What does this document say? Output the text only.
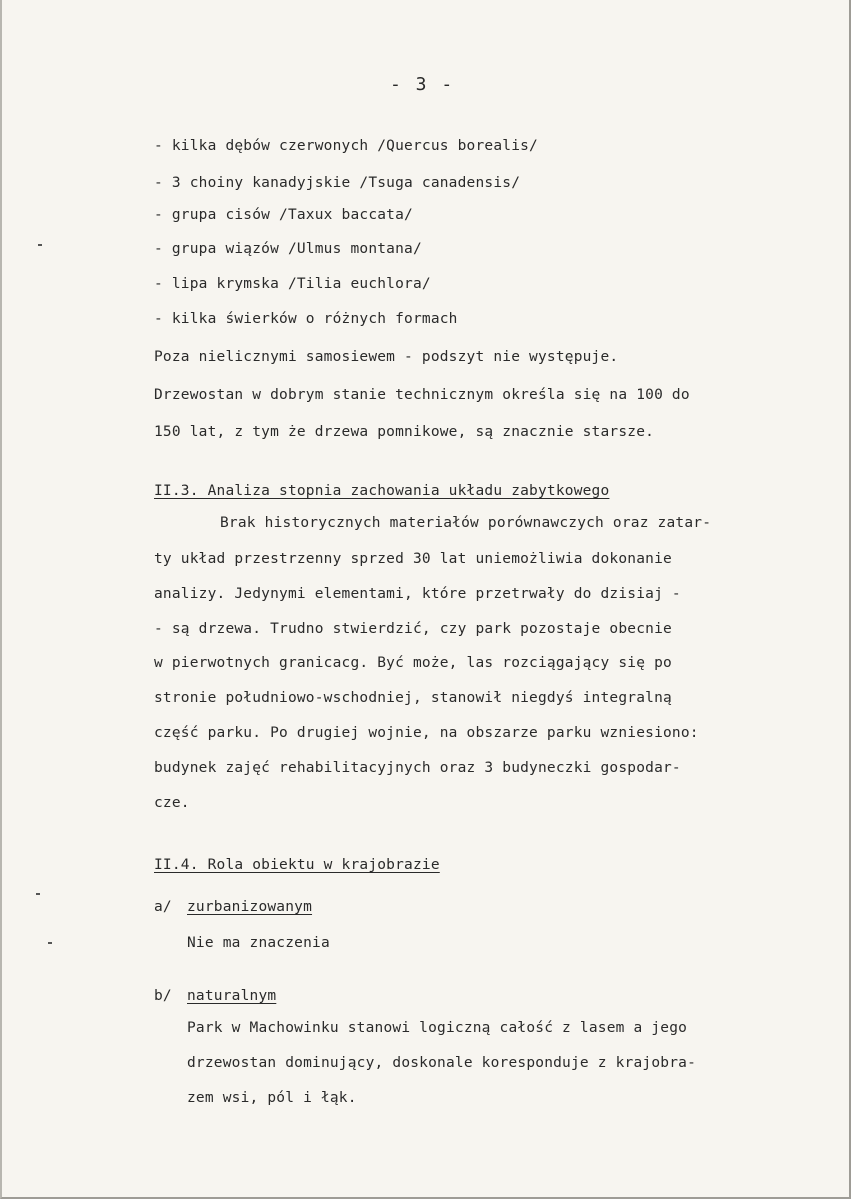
- 3 -
- kilka dębów czerwonych /Quercus borealis/
- 3 choiny kanadyjskie /Tsuga canadensis/
- grupa cisów /Taxux baccata/
- grupa wiązów /Ulmus montana/
- lipa krymska /Tilia euchlora/
- kilka świerków o różnych formach
Poza nielicznymi samosiewem - podszyt nie występuje.
Drzewostan w dobrym stanie technicznym określa się na 100 do
150 lat, z tym że drzewa pomnikowe, są znacznie starsze.
II.3. Analiza stopnia zachowania układu zabytkowego
Brak historycznych materiałów porównawczych oraz zatar-
ty układ przestrzenny sprzed 30 lat uniemożliwia dokonanie
analizy. Jedynymi elementami, które przetrwały do dzisiaj -
- są drzewa. Trudno stwierdzić, czy park pozostaje obecnie
w pierwotnych granicacg. Być może, las rozciągający się po
stronie południowo-wschodniej, stanowił niegdyś integralną
część parku. Po drugiej wojnie, na obszarze parku wzniesiono:
budynek zajęć rehabilitacyjnych oraz 3 budyneczki gospodar-
cze.
II.4. Rola obiektu w krajobrazie
a/ zurbanizowanym
Nie ma znaczenia
b/ naturalnym
Park w Machowinku stanowi logiczną całość z lasem a jego
drzewostan dominujący, doskonale koresponduje z krajobra-
zem wsi, pól i łąk.
